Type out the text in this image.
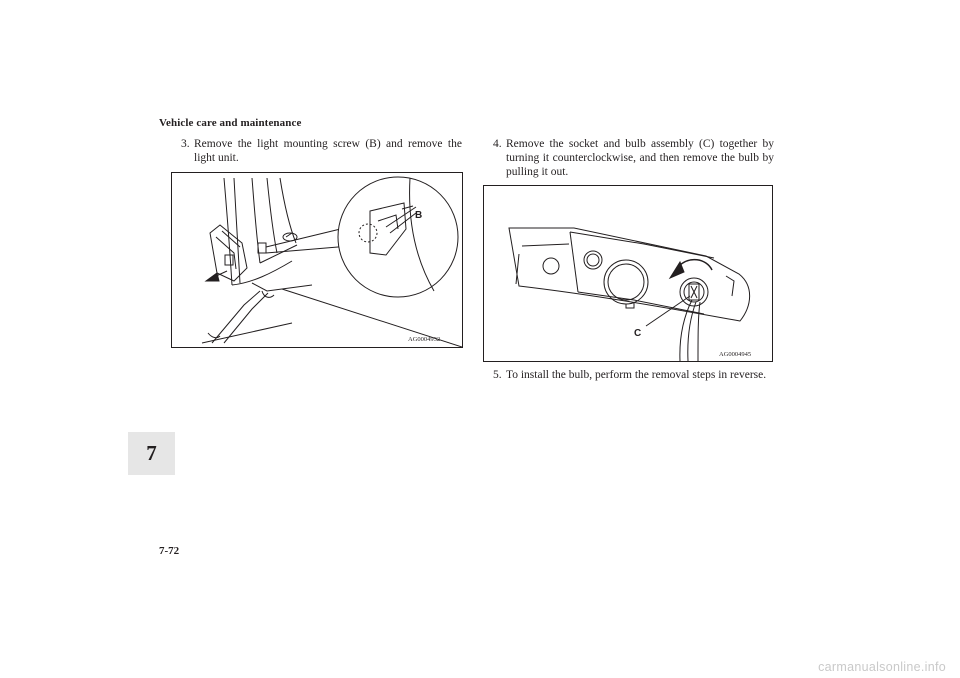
Vehicle care and maintenance
3. Remove the light mounting screw (B) and remove the light unit.
B
AG0004932
4. Remove the socket and bulb assembly (C) together by turning it counterclockwise, and then remove the bulb by pulling it out.
C
AG0004945
5. To install the bulb, perform the removal steps in reverse.
7
7-72
carmanualsonline.info
